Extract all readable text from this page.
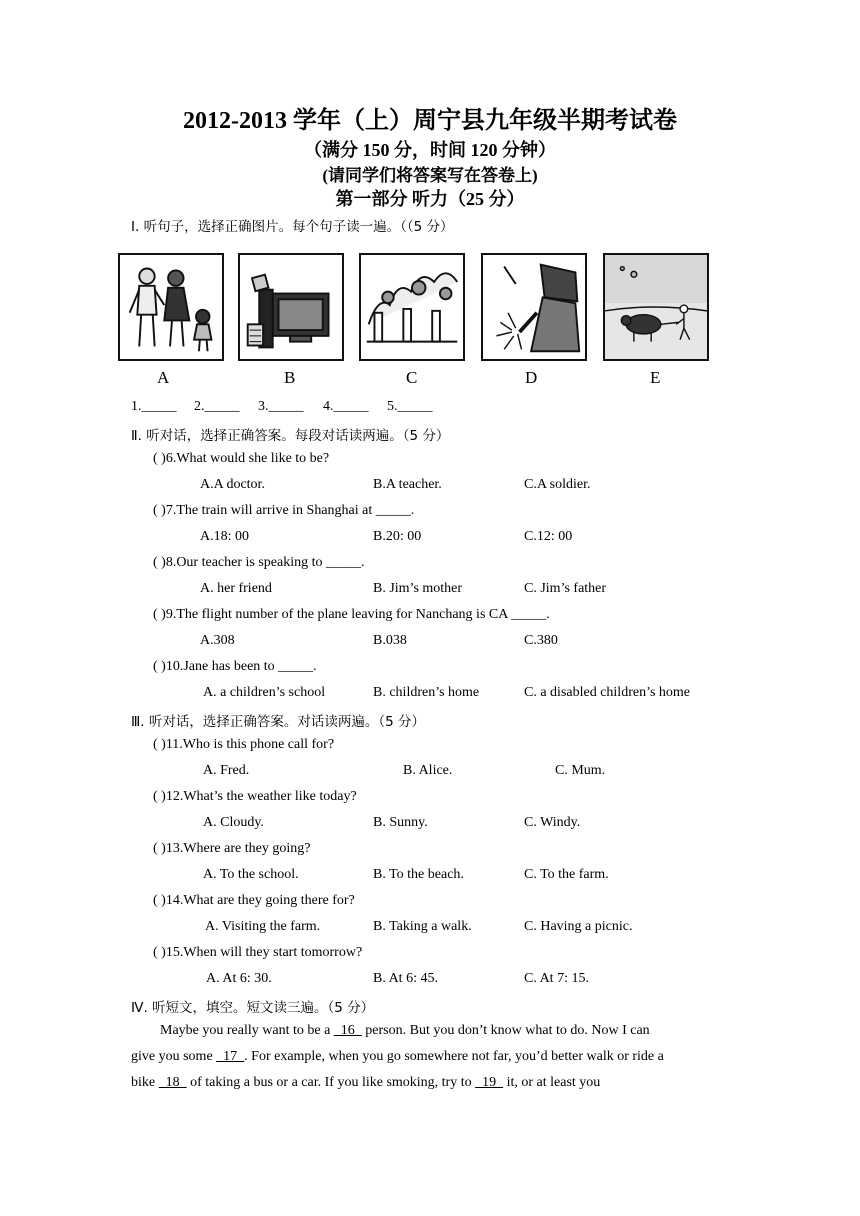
2012-2013 学年（上）周宁县九年级半期考试卷
（满分 150 分，时间 120 分钟）
(请同学们将答案写在答卷上)
第一部分 听力（25 分）
Ⅰ. 听句子，选择正确图片。每个句子读一遍。（（5 分）
A	B	C	D	E
1._____ 2._____ 3._____ 4._____ 5._____
Ⅱ. 听对话，选择正确答案。每段对话读两遍。（5 分）
( )6.What would she like to be?
A.A doctor.	B.A teacher.	C.A soldier.
( )7.The train will arrive in Shanghai at _____.
A.18: 00	B.20: 00	C.12: 00
( )8.Our teacher is speaking to _____.
A. her friend	B. Jim’s mother	C. Jim’s father
( )9.The flight number of the plane leaving for Nanchang is CA _____.
A.308	B.038	C.380
( )10.Jane has been to _____.
A. a children’s school	B. children’s home	C. a disabled children’s home
Ⅲ. 听对话，选择正确答案。对话读两遍。（5 分）
( )11.Who is this phone call for?
A. Fred.	B. Alice.	C. Mum.
( )12.What’s the weather like today?
A. Cloudy.	B. Sunny.	C. Windy.
( )13.Where are they going?
A. To the school.	B. To the beach.	C. To the farm.
( )14.What are they going there for?
A. Visiting the farm.	B. Taking a walk.	C. Having a picnic.
( )15.When will they start tomorrow?
A. At 6: 30.	B. At 6: 45.	C. At 7: 15.
Ⅳ. 听短文，填空。短文读三遍。（5 分）
Maybe you really want to be a   16   person. But you don’t know what to do. Now I can
give you some   17  . For example, when you go somewhere not far, you’d better walk or ride a
bike   18   of taking a bus or a car. If you like smoking, try to   19   it, or at least you
